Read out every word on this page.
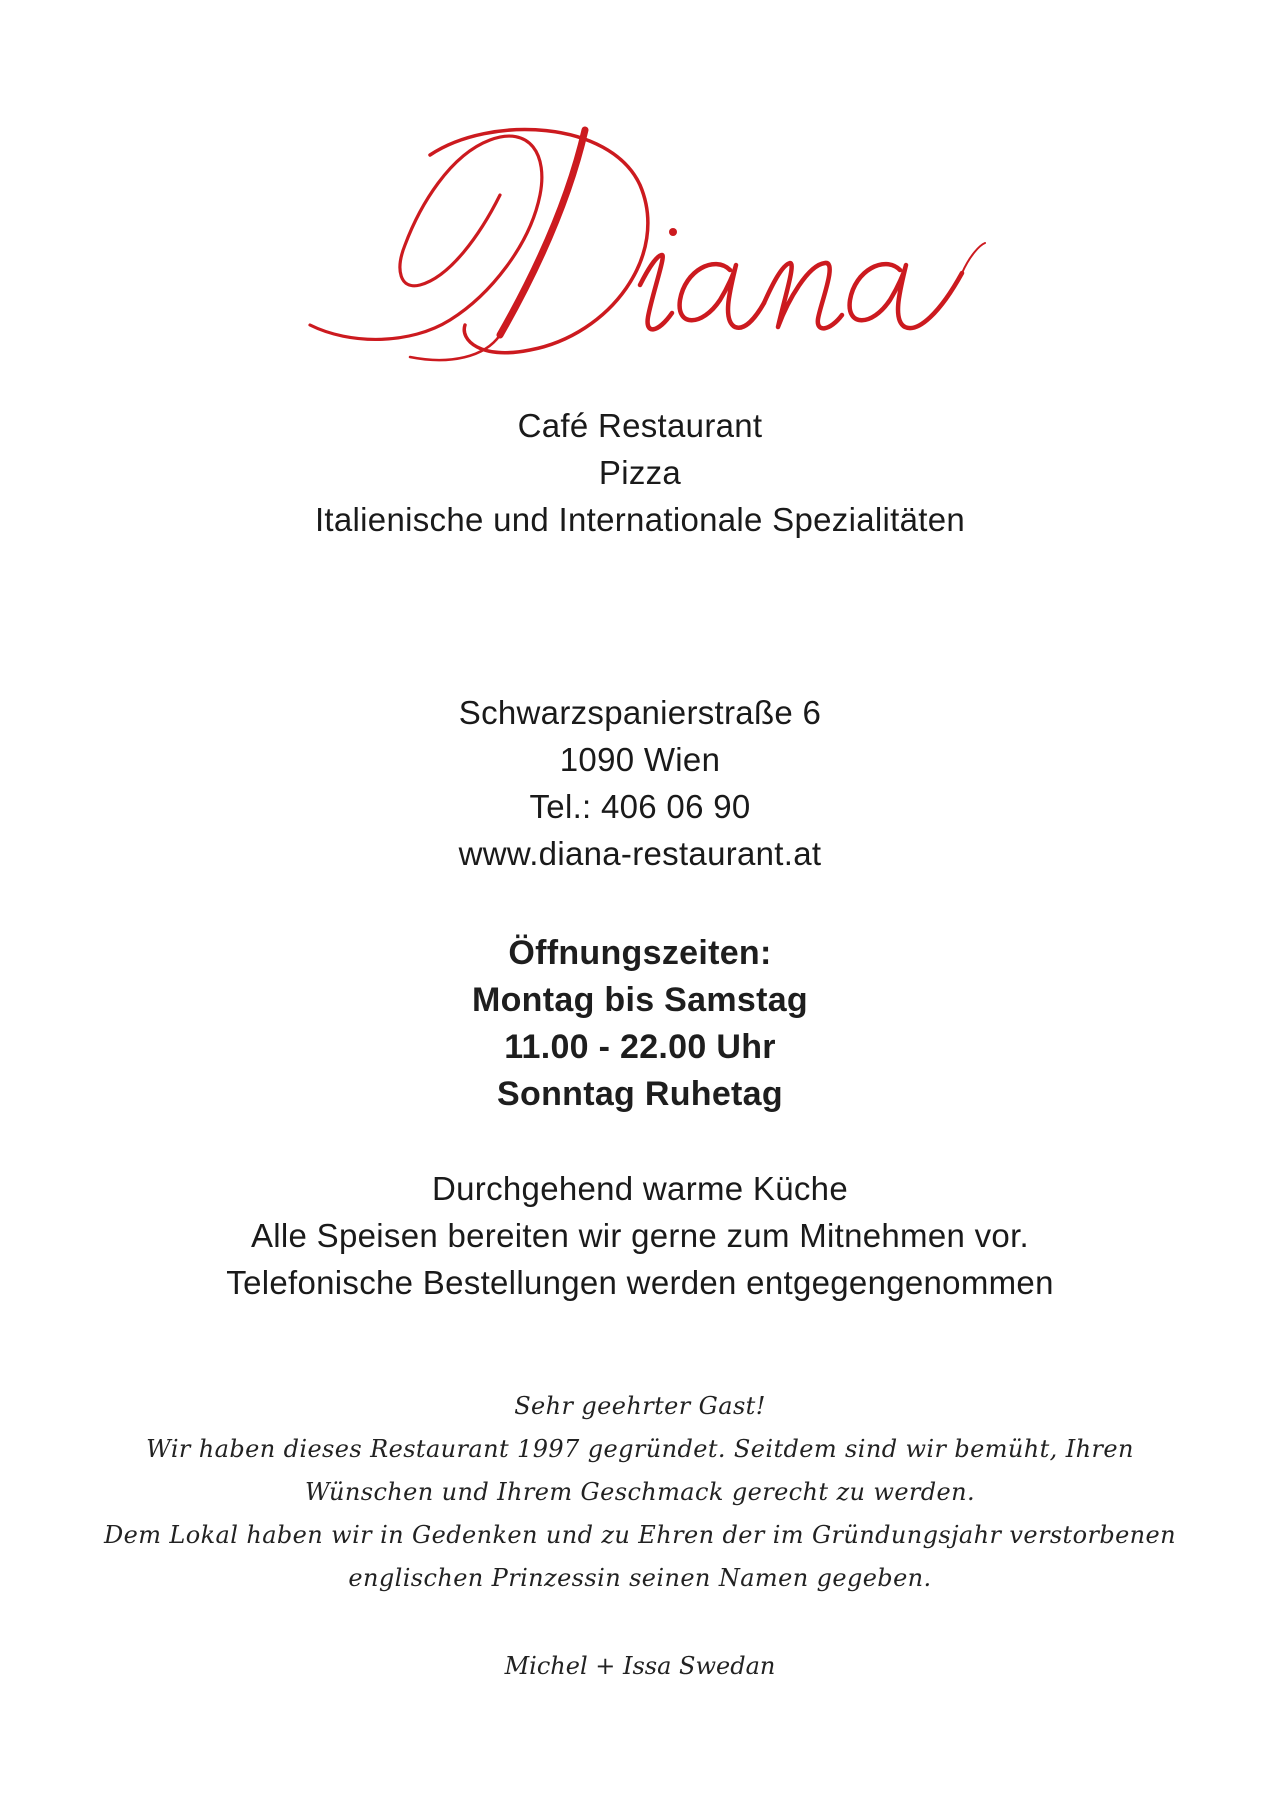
Café Restaurant
Pizza
Italienische und Internationale Spezialitäten
Schwarzspanierstraße 6
1090 Wien
Tel.: 406 06 90
www.diana-restaurant.at
Öffnungszeiten:
Montag bis Samstag
11.00 - 22.00 Uhr
Sonntag Ruhetag
Durchgehend warme Küche
Alle Speisen bereiten wir gerne zum Mitnehmen vor.
Telefonische Bestellungen werden entgegengenommen
Sehr geehrter Gast!
Wir haben dieses Restaurant 1997 gegründet. Seitdem sind wir bemüht, Ihren
Wünschen und Ihrem Geschmack gerecht zu werden.
Dem Lokal haben wir in Gedenken und zu Ehren der im Gründungsjahr verstorbenen
englischen Prinzessin seinen Namen gegeben.
Michel + Issa Swedan
